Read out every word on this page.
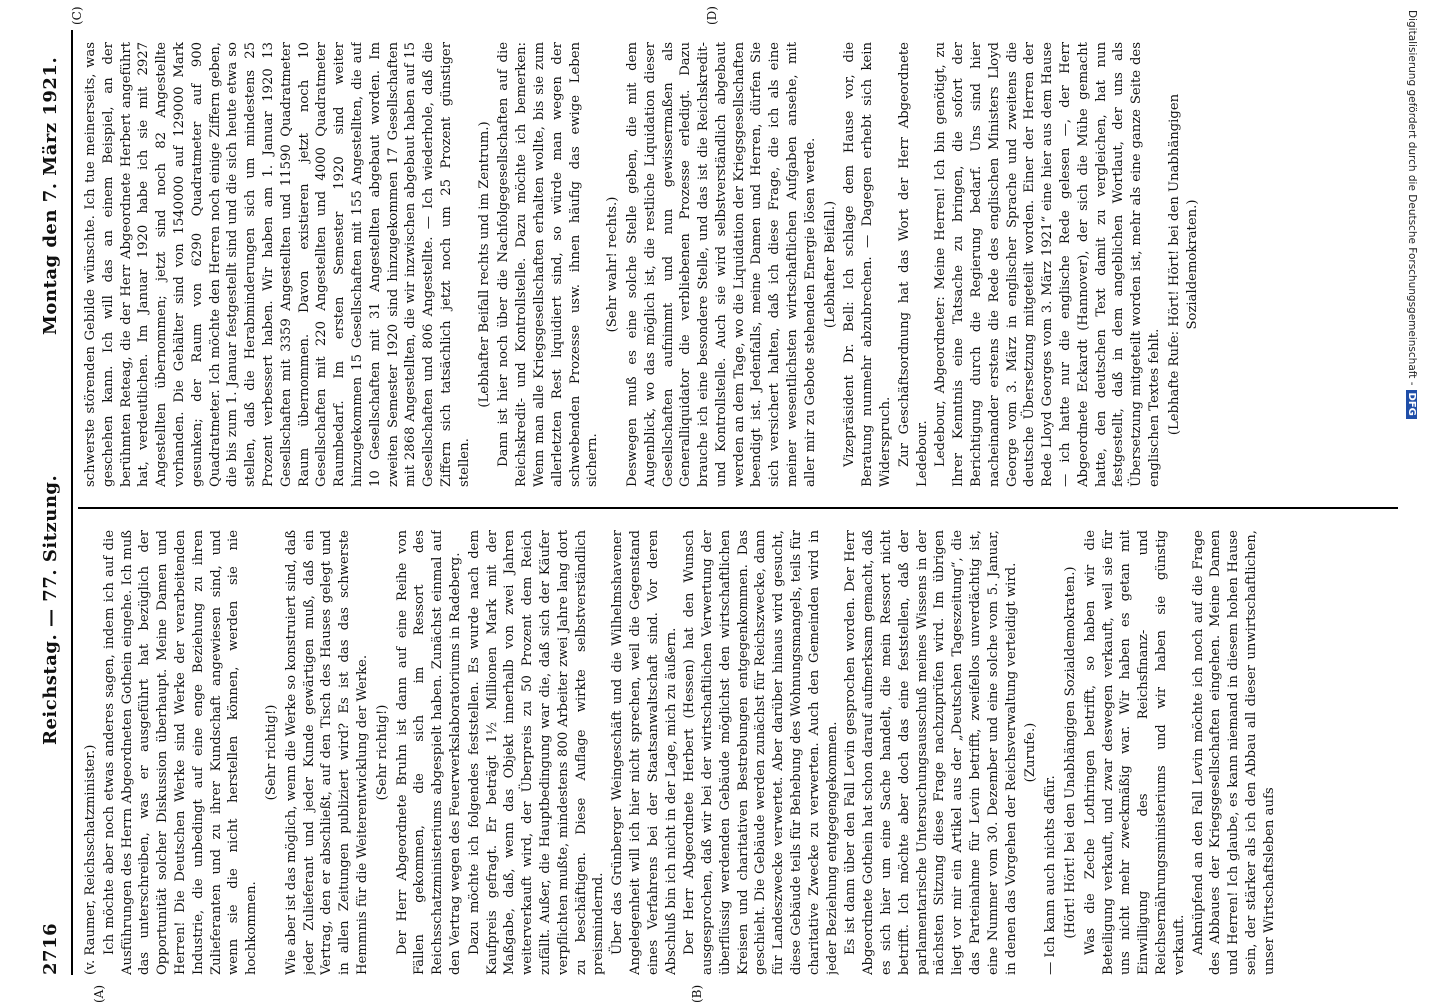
2716
Reichstag. — 77. Sitzung.
Montag den 7. März 1921.
(A)	(B)
(C)	(D)

(v. Raumer, Reichsschatzminister.) Ich möchte aber noch etwas anderes sagen, indem ich auf die Ausführungen des Herrn Abgeordneten Gothein eingehe. Ich muß das unterschreiben, was er ausgeführt hat bezüglich der Opportunität solcher Diskussion überhaupt. Meine Damen und Herren! Die Deutschen Werke sind Werke der verarbeitenden Industrie, die unbedingt auf eine enge Beziehung zu ihren Zulieferanten und zu ihrer Kundschaft angewiesen sind, und wenn sie die nicht herstellen können, werden sie nie hochkommen.

(Sehr richtig!) Wie aber ist das möglich, wenn die Werke so konstruiert sind, daß jeder Zulieferant und jeder Kunde gewärtigen muß, daß ein Vertrag, den er abschließt, auf den Tisch des Hauses gelegt und in allen Zeitungen publiziert wird? Es ist das das schwerste Hemmnis für die Weiterentwicklung der Werke. (Sehr richtig!) Der Herr Abgeordnete Bruhn ist dann auf eine Reihe von Fällen gekommen, die sich im Ressort des Reichsschatzministeriums abgespielt haben. Zunächst einmal auf den Vertrag wegen des Feuerwerkslaboratoriums in Radeberg. Dazu möchte ich folgendes feststellen. Es wurde nach dem Kaufpreis gefragt. Er beträgt 1½ Millionen Mark mit der Maßgabe, daß, wenn das Objekt innerhalb von zwei Jahren weiterverkauft wird, der Überpreis zu 50 Prozent dem Reich zufällt. Außer, die Hauptbedingung war die, daß sich der Käufer verpflichten mußte, mindestens 800 Arbeiter zwei Jahre lang dort zu beschäftigen. Diese Auflage wirkte selbstverständlich preismindernd. Über das Grünberger Weingeschäft und die Wilhelmshavener Angelegenheit will ich hier nicht sprechen, weil die Gegenstand eines Verfahrens bei der Staatsanwaltschaft sind. Vor deren Abschluß bin ich nicht in der Lage, mich zu äußern. Der Herr Abgeordnete Herbert (Hessen) hat den Wunsch ausgesprochen, daß wir bei der wirtschaftlichen Verwertung der überflüssig werdenden Gebäude möglichst den wirtschaftlichen Kreisen und charitativen Bestrebungen entgegenkommen. Das geschieht. Die Gebäude werden zunächst für Reichszwecke, dann für Landeszwecke verwertet. Aber darüber hinaus wird gesucht, diese Gebäude teils für Behebung des Wohnungsmangels, teils für charitative Zwecke zu verwerten. Auch den Gemeinden wird in jeder Beziehung entgegengekommen. Es ist dann über den Fall Levin gesprochen worden. Der Herr Abgeordnete Gothein hat schon darauf aufmerksam gemacht, daß es sich hier um eine Sache handelt, die mein Ressort nicht betrifft. Ich möchte aber doch das eine feststellen, daß der parlamentarische Untersuchungsausschuß meines Wissens in der nächsten Sitzung diese Frage nachzuprüfen wird. Im übrigen liegt vor mir ein Artikel aus der „Deutschen Tageszeitung“, die das Parteinahme für Levin betrifft, zweifellos unverdächtig ist, eine Nummer vom 30. Dezember und eine solche vom 5. Januar, in denen das Vorgehen der Reichsverwaltung verteidigt wird. (Zurufe.)

— Ich kann auch nichts dafür. (Hört! Hört! bei den Unabhängigen Sozialdemokraten.) Was die Zeche Lothringen betrifft, so haben wir die Beteiligung verkauft, und zwar deswegen verkauft, weil sie für uns nicht mehr zweckmäßig war. Wir haben es getan mit Einwilligung des Reichsfinanz- und Reichsernährungsministeriums und wir haben sie günstig verkauft. Anknüpfend an den Fall Levin möchte ich noch auf die Frage des Abbaues der Kriegsgesellschaften eingehen. Meine Damen und Herren! Ich glaube, es kann niemand in diesem hohen Hause sein, der stärker als ich den Abbau all dieser unwirtschaftlichen, unser Wirtschaftsleben aufs

schwerste störenden Gebilde wünschte. Ich tue meinerseits, was geschehen kann. Ich will das an einem Beispiel, an der berühmten Reteag, die der Herr Abgeordnete Herbert angeführt hat, verdeutlichen. Im Januar 1920 habe ich sie mit 2927 Angestellten übernommen; jetzt sind noch 82 Angestellte vorhanden. Die Gehälter sind von 1540000 auf 129000 Mark gesunken; der Raum von 6290 Quadratmeter auf 900 Quadratmeter. Ich möchte den Herren noch einige Ziffern geben, die bis zum 1. Januar festgestellt sind und die sich heute etwa so stellen, daß die Herabminderungen sich um mindestens 25 Prozent verbessert haben. Wir haben am 1. Januar 1920 13 Gesellschaften mit 3359 Angestellten und 11590 Quadratmeter Raum übernommen. Davon existieren jetzt noch 10 Gesellschaften mit 220 Angestellten und 4000 Quadratmeter Raumbedarf. Im ersten Semester 1920 sind weiter hinzugekommen 15 Gesellschaften mit 155 Angestellten, die auf 10 Gesellschaften mit 31 Angestellten abgebaut worden. Im zweiten Semester 1920 sind hinzugekommen 17 Gesellschaften mit 2868 Angestellten, die wir inzwischen abgebaut haben auf 15 Gesellschaften und 806 Angestellte. — Ich wiederhole, daß die Ziffern sich tatsächlich jetzt noch um 25 Prozent günstiger stellen.

(Lebhafter Beifall rechts und im Zentrum.) Dann ist hier noch über die Nachfolgegesellschaften auf die Reichskredit- und Kontrollstelle. Dazu möchte ich bemerken: Wenn man alle Kriegsgesellschaften erhalten wollte, bis sie zum allerletzten Rest liquidiert sind, so würde man wegen der schwebenden Prozesse usw. ihnen häufig das ewige Leben sichern.

(Sehr wahr! rechts.) Deswegen muß es eine solche Stelle geben, die mit dem Augenblick, wo das möglich ist, die restliche Liquidation dieser Gesellschaften aufnimmt und nun gewissermaßen als Generalliquidator die verbliebenen Prozesse erledigt. Dazu brauche ich eine besondere Stelle, und das ist die Reichskredit- und Kontrollstelle. Auch sie wird selbstverständlich abgebaut werden an dem Tage, wo die Liquidation der Kriegsgesellschaften beendigt ist. Jedenfalls, meine Damen und Herren, dürfen Sie sich versichert halten, daß ich diese Frage, die ich als eine meiner wesentlichsten wirtschaftlichen Aufgaben ansehe, mit aller mir zu Gebote stehenden Energie lösen werde. (Lebhafter Beifall.) Vizepräsident Dr. Bell: Ich schlage dem Hause vor, die Beratung nunmehr abzubrechen. — Dagegen erhebt sich kein Widerspruch. Zur Geschäftsordnung hat das Wort der Herr Abgeordnete Ledebour. Ledebour, Abgeordneter: Meine Herren! Ich bin genötigt, zu Ihrer Kenntnis eine Tatsache zu bringen, die sofort der Berichtigung durch die Regierung bedarf. Uns sind hier nacheinander erstens die Rede des englischen Ministers Lloyd George vom 3. März in englischer Sprache und zweitens die deutsche Übersetzung mitgeteilt worden. Einer der Herren der Rede Lloyd Georges vom 3. März 1921“ eine hier aus dem Hause — ich hatte nur die englische Rede gelesen —, der Herr Abgeordnete Eckardt (Hannover), der sich die Mühe gemacht hatte, den deutschen Text damit zu vergleichen, hat nun festgestellt, daß in dem angeblichen Wortlaut, der uns als Übersetzung mitgeteilt worden ist, mehr als eine ganze Seite des englischen Textes fehlt. (Lebhafte Rufe: Hört! Hört! bei den Unabhängigen Sozialdemokraten.)	Digitalisierung gefördert durch die Deutsche Forschungsgemeinschaft -DFG
